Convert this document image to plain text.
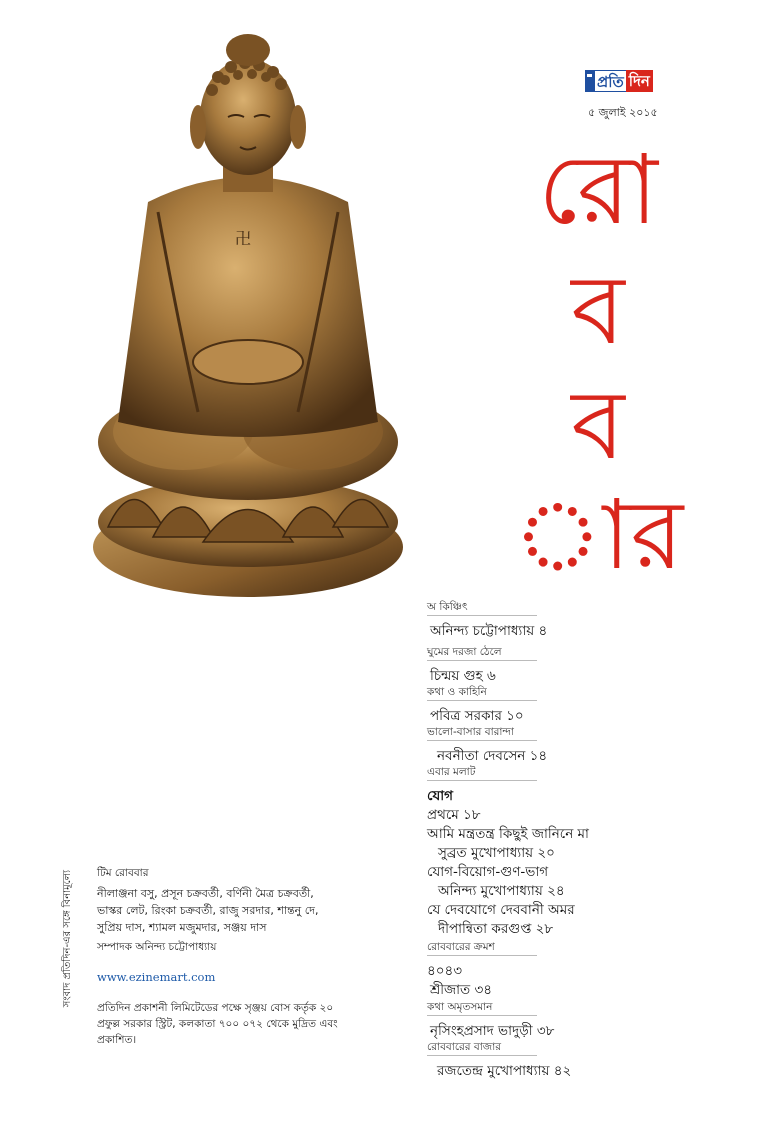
卍
প্রতি দিন
৫ জুলাই ২০১৫
রো ব ব ার
অ কিঞ্চিৎ
অনিন্দ্য চট্টোপাধ্যায় ৪
ঘুমের দরজা ঠেলে
চিন্ময় গুহ ৬
কথা ও কাহিনি
পবিত্র সরকার ১০
ভালো-বাসার বারান্দা
নবনীতা দেবসেন ১৪
এবার মলাট
যোগ
প্রথমে ১৮
আমি মন্ত্রতন্ত্র কিছুই জানিনে মা
সুব্রত মুখোপাধ্যায় ২০
যোগ-বিয়োগ-গুণ-ভাগ
অনিন্দ্য মুখোপাধ্যায় ২৪
যে দেবযোগে দেববানী অমর
দীপান্বিতা করগুপ্ত ২৮
রোববারের ক্রমশ
৪০৪৩
শ্রীজাত ৩৪
কথা অমৃতসমান
নৃসিংহপ্রসাদ ভাদুড়ী ৩৮
রোববারের বাজার
রজতেন্দ্র মুখোপাধ্যায় ৪২
টিম রোববার
নীলাঞ্জনা বসু, প্রসূন চক্রবর্তী, বর্ণিনী মৈত্র চক্রবর্তী, ভাস্কর লেট, রিংকা চক্রবর্তী, রাজু সরদার, শান্তনু দে, সুপ্রিয় দাস, শ্যামল মজুমদার, সঞ্জয় দাস
সম্পাদক অনিন্দ্য চট্টোপাধ্যায়
www.ezinemart.com
প্রতিদিন প্রকাশনী লিমিটেডের পক্ষে সৃঞ্জয় বোস কর্তৃক ২০ প্রফুল্ল সরকার স্ট্রিট, কলকাতা ৭০০ ০৭২ থেকে মুদ্রিত এবং প্রকাশিত।
সংবাদ প্রতিদিন-এর সঙ্গে বিনামূল্যে
